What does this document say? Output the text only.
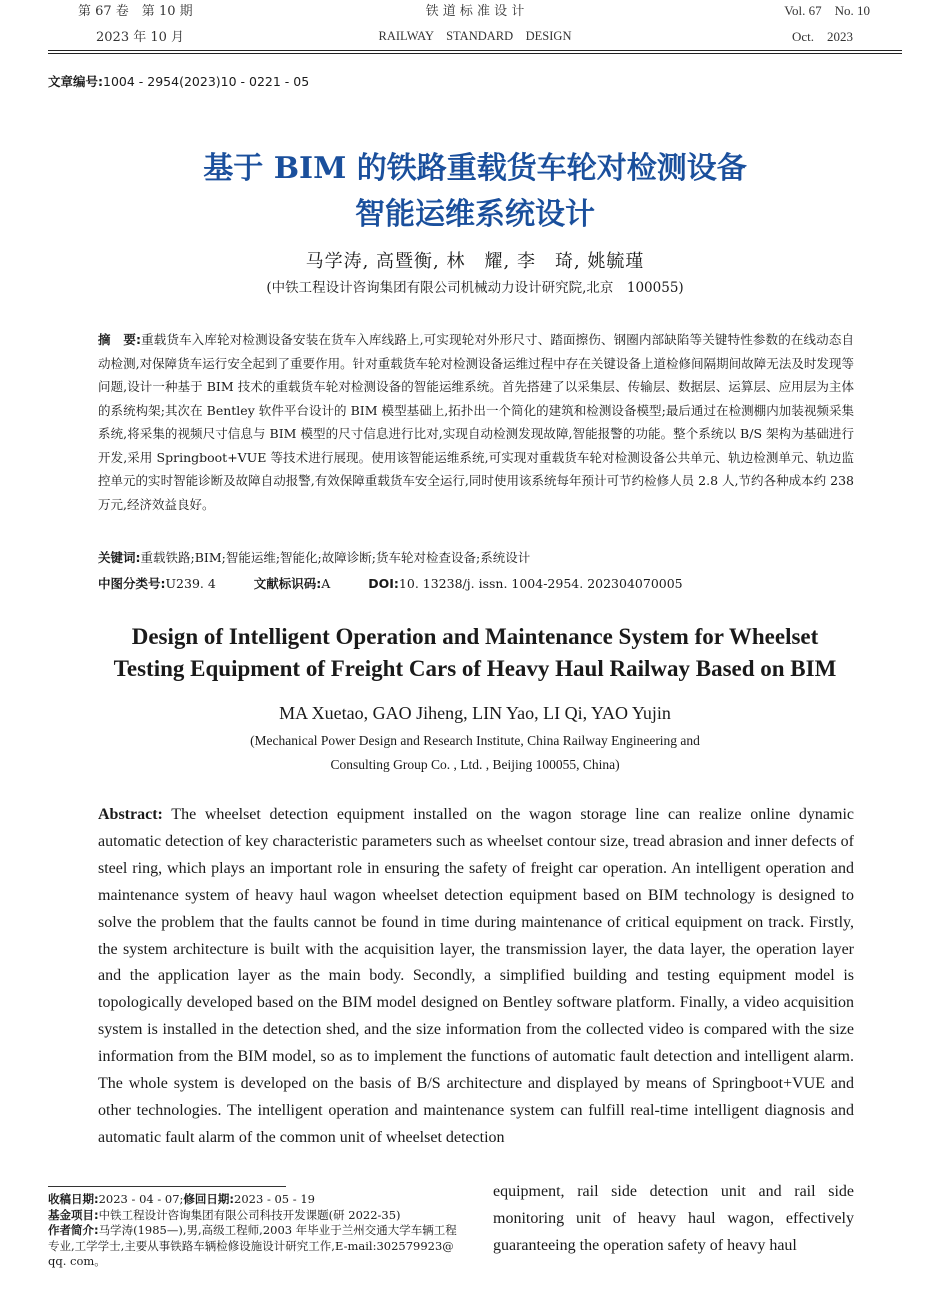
第 67 卷　第 10 期
2023 年 10 月
铁 道 标 准 设 计
RAILWAY　STANDARD　DESIGN
Vol. 67　No. 10
Oct.　2023
文章编号:1004 - 2954(2023)10 - 0221 - 05
基于 BIM 的铁路重载货车轮对检测设备
智能运维系统设计
马学涛, 高暨衡, 林　耀, 李　琦, 姚毓瑾
(中铁工程设计咨询集团有限公司机械动力设计研究院,北京　100055)
摘　要:重载货车入库轮对检测设备安装在货车入库线路上,可实现轮对外形尺寸、踏面擦伤、钢圈内部缺陷等关键特性参数的在线动态自动检测,对保障货车运行安全起到了重要作用。针对重载货车轮对检测设备运维过程中存在关键设备上道检修间隔期间故障无法及时发现等问题,设计一种基于 BIM 技术的重载货车轮对检测设备的智能运维系统。首先搭建了以采集层、传输层、数据层、运算层、应用层为主体的系统构架;其次在 Bentley 软件平台设计的 BIM 模型基础上,拓扑出一个简化的建筑和检测设备模型;最后通过在检测棚内加装视频采集系统,将采集的视频尺寸信息与 BIM 模型的尺寸信息进行比对,实现自动检测发现故障,智能报警的功能。整个系统以 B/S 架构为基础进行开发,采用 Springboot+VUE 等技术进行展现。使用该智能运维系统,可实现对重载货车轮对检测设备公共单元、轨边检测单元、轨边监控单元的实时智能诊断及故障自动报警,有效保障重载货车安全运行,同时使用该系统每年预计可节约检修人员 2.8 人,节约各种成本约 238 万元,经济效益良好。
关键词:重载铁路;BIM;智能运维;智能化;故障诊断;货车轮对检查设备;系统设计
中图分类号:U239. 4	文献标识码:A	DOI:10. 13238/j. issn. 1004-2954. 202304070005
Design of Intelligent Operation and Maintenance System for Wheelset
Testing Equipment of Freight Cars of Heavy Haul Railway Based on BIM
MA Xuetao, GAO Jiheng, LIN Yao, LI Qi, YAO Yujin
(Mechanical Power Design and Research Institute, China Railway Engineering and
Consulting Group Co. , Ltd. , Beijing 100055, China)
Abstract: The wheelset detection equipment installed on the wagon storage line can realize online dynamic automatic detection of key characteristic parameters such as wheelset contour size, tread abrasion and inner defects of steel ring, which plays an important role in ensuring the safety of freight car operation. An intelligent operation and maintenance system of heavy haul wagon wheelset detection equipment based on BIM technology is designed to solve the problem that the faults cannot be found in time during maintenance of critical equipment on track. Firstly, the system architecture is built with the acquisition layer, the transmission layer, the data layer, the operation layer and the application layer as the main body. Secondly, a simplified building and testing equipment model is topologically developed based on the BIM model designed on Bentley software platform. Finally, a video acquisition system is installed in the detection shed, and the size information from the collected video is compared with the size information from the BIM model, so as to implement the functions of automatic fault detection and intelligent alarm. The whole system is developed on the basis of B/S architecture and displayed by means of Springboot+VUE and other technologies. The intelligent operation and maintenance system can fulfill real-time intelligent diagnosis and automatic fault alarm of the common unit of wheelset detection
equipment, rail side detection unit and rail side monitoring unit of heavy haul wagon, effectively guaranteeing the operation safety of heavy haul

收稿日期:2023 - 04 - 07;修回日期:2023 - 05 - 19

基金项目:中铁工程设计咨询集团有限公司科技开发课题(研 2022-35)

作者简介:马学涛(1985—),男,高级工程师,2003 年毕业于兰州交通大学车辆工程专业,工学学士,主要从事铁路车辆检修设施设计研究工作,E-mail:302579923@ qq. com。
